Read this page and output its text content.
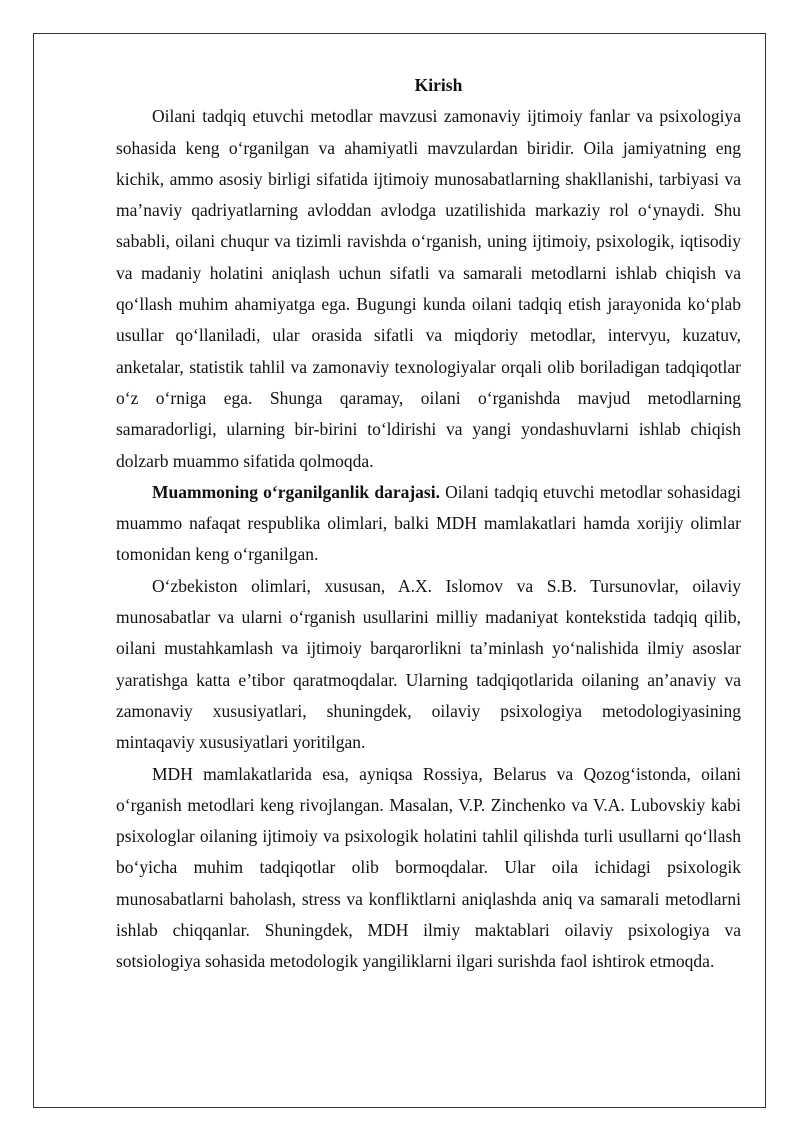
Kirish

Oilani tadqiq etuvchi metodlar mavzusi zamonaviy ijtimoiy fanlar va psixologiya sohasida keng o‘rganilgan va ahamiyatli mavzulardan biridir. Oila jamiyatning eng kichik, ammo asosiy birligi sifatida ijtimoiy munosabatlarning shakllanishi, tarbiyasi va ma’naviy qadriyatlarning avloddan avlodga uzatilishida markaziy rol o‘ynaydi. Shu sababli, oilani chuqur va tizimli ravishda o‘rganish, uning ijtimoiy, psixologik, iqtisodiy va madaniy holatini aniqlash uchun sifatli va samarali metodlarni ishlab chiqish va qo‘llash muhim ahamiyatga ega. Bugungi kunda oilani tadqiq etish jarayonida ko‘plab usullar qo‘llaniladi, ular orasida sifatli va miqdoriy metodlar, intervyu, kuzatuv, anketalar, statistik tahlil va zamonaviy texnologiyalar orqali olib boriladigan tadqiqotlar o‘z o‘rniga ega. Shunga qaramay, oilani o‘rganishda mavjud metodlarning samaradorligi, ularning bir-birini to‘ldirishi va yangi yondashuvlarni ishlab chiqish dolzarb muammo sifatida qolmoqda.

Muammoning o‘rganilganlik darajasi. Oilani tadqiq etuvchi metodlar sohasidagi muammo nafaqat respublika olimlari, balki MDH mamlakatlari hamda xorijiy olimlar tomonidan keng o‘rganilgan.

O‘zbekiston olimlari, xususan, A.X. Islomov va S.B. Tursunovlar, oilaviy munosabatlar va ularni o‘rganish usullarini milliy madaniyat kontekstida tadqiq qilib, oilani mustahkamlash va ijtimoiy barqarorlikni ta’minlash yo‘nalishida ilmiy asoslar yaratishga katta e’tibor qaratmoqdalar. Ularning tadqiqotlarida oilaning an’anaviy va zamonaviy xususiyatlari, shuningdek, oilaviy psixologiya metodologiyasining mintaqaviy xususiyatlari yoritilgan.

MDH mamlakatlarida esa, ayniqsa Rossiya, Belarus va Qozog‘istonda, oilani o‘rganish metodlari keng rivojlangan. Masalan, V.P. Zinchenko va V.A. Lubovskiy kabi psixologlar oilaning ijtimoiy va psixologik holatini tahlil qilishda turli usullarni qo‘llash bo‘yicha muhim tadqiqotlar olib bormoqdalar. Ular oila ichidagi psixologik munosabatlarni baholash, stress va konfliktlarni aniqlashda aniq va samarali metodlarni ishlab chiqqanlar. Shuningdek, MDH ilmiy maktablari oilaviy psixologiya va sotsiologiya sohasida metodologik yangiliklarni ilgari surishda faol ishtirok etmoqda.
